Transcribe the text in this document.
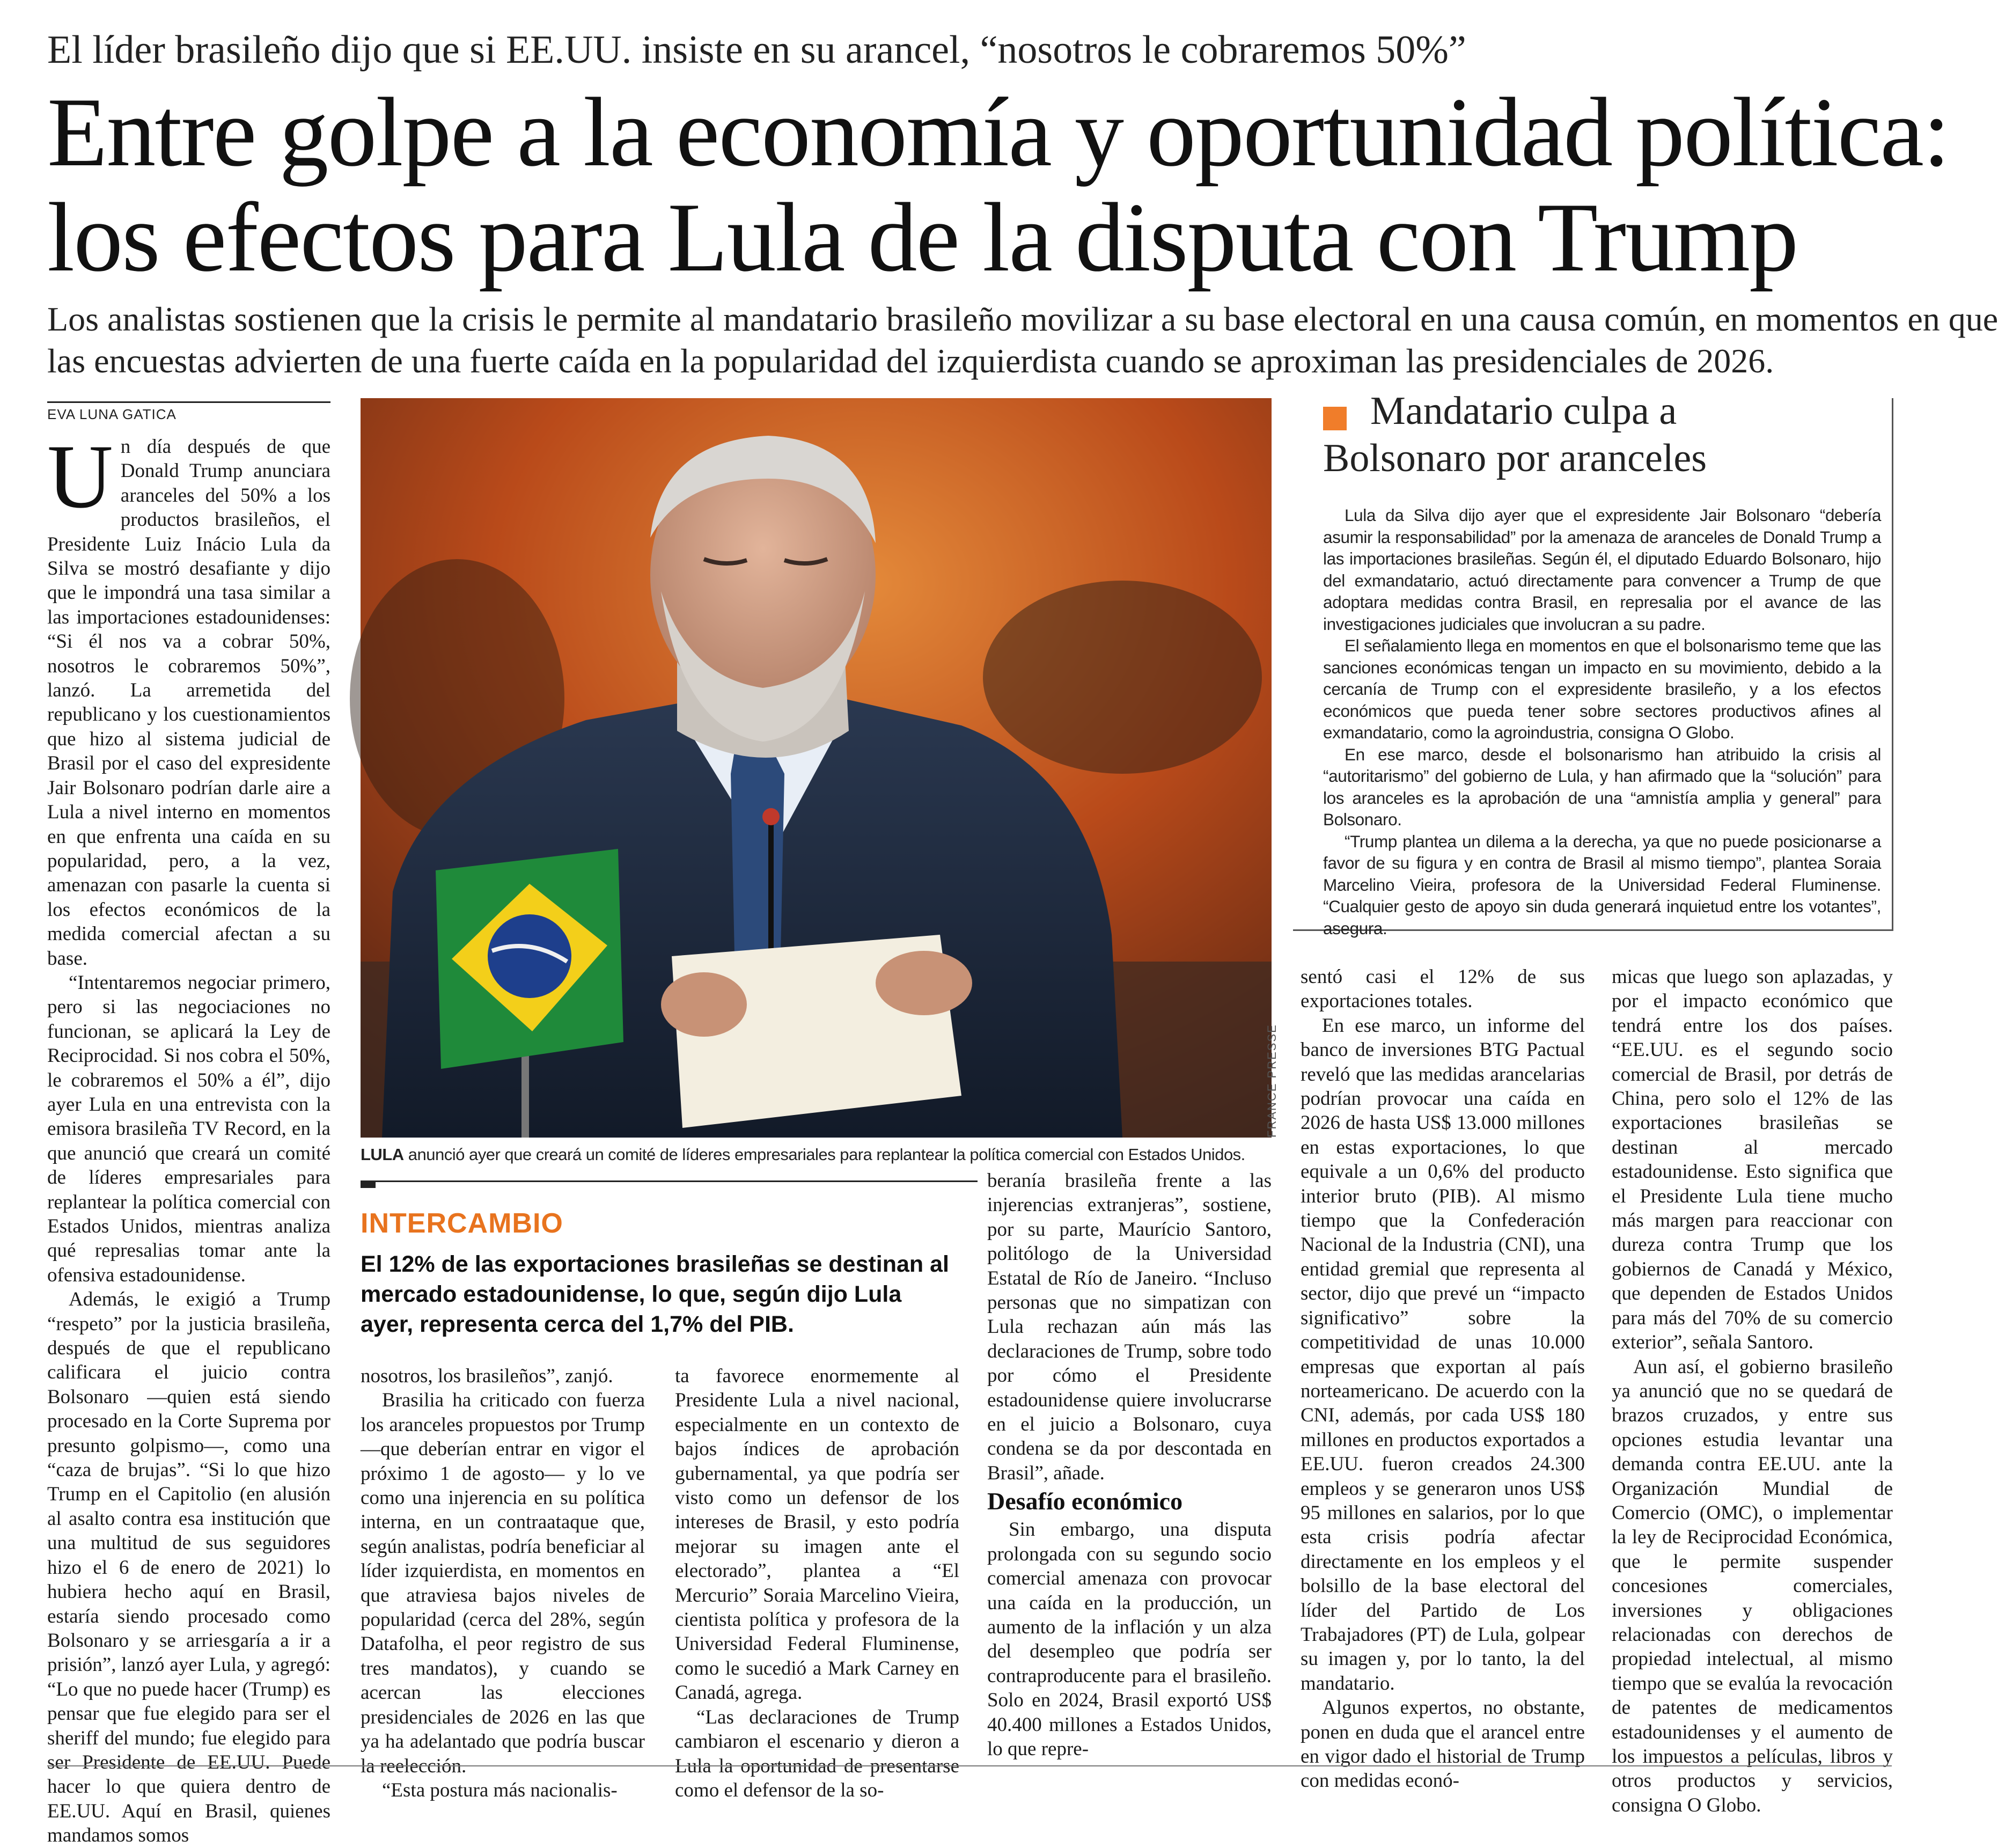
El líder brasileño dijo que si EE.UU. insiste en su arancel, “nosotros le cobraremos 50%”
Entre golpe a la economía y oportunidad política:
los efectos para Lula de la disputa con Trump
Los analistas sostienen que la crisis le permite al mandatario brasileño movilizar a su base electoral en una causa común, en momentos en que
las encuestas advierten de una fuerte caída en la popularidad del izquierdista cuando se aproximan las presidenciales de 2026.
EVA LUNA GATICA

Un día después de que Donald Trump anunciara aranceles del 50% a los productos brasileños, el Presidente Luiz Inácio Lula da Silva se mostró desafiante y dijo que le impondrá una tasa similar a las importaciones estadounidenses: “Si él nos va a cobrar 50%, nosotros le cobraremos 50%”, lanzó. La arremetida del republicano y los cuestionamientos que hizo al sistema judicial de Brasil por el caso del expresidente Jair Bolsonaro podrían darle aire a Lula a nivel interno en momentos en que enfrenta una caída en su popularidad, pero, a la vez, amenazan con pasarle la cuenta si los efectos económicos de la medida comercial afectan a su base.

“Intentaremos negociar primero, pero si las negociaciones no funcionan, se aplicará la Ley de Reciprocidad. Si nos cobra el 50%, le cobraremos el 50% a él”, dijo ayer Lula en una entrevista con la emisora brasileña TV Record, en la que anunció que creará un comité de líderes empresariales para replantear la política comercial con Estados Unidos, mientras analiza qué represalias tomar ante la ofensiva estadounidense.

Además, le exigió a Trump “respeto” por la justicia brasileña, después de que el republicano calificara el juicio contra Bolsonaro —quien está siendo procesado en la Corte Suprema por presunto golpismo—, como una “caza de brujas”. “Si lo que hizo Trump en el Capitolio (en alusión al asalto contra esa institución que una multitud de sus seguidores hizo el 6 de enero de 2021) lo hubiera hecho aquí en Brasil, estaría siendo procesado como Bolsonaro y se arriesgaría a ir a prisión”, lanzó ayer Lula, y agregó: “Lo que no puede hacer (Trump) es pensar que fue elegido para ser el sheriff del mundo; fue elegido para ser Presidente de EE.UU. Puede hacer lo que quiera dentro de EE.UU. Aquí en Brasil, quienes mandamos somos

FRANCE PRESSE
LULA anunció ayer que creará un comité de líderes empresariales para replantear la política comercial con Estados Unidos.
Mandatario culpa a
Bolsonaro por aranceles

Lula da Silva dijo ayer que el expresidente Jair Bolsonaro “debería asumir la responsabilidad” por la amenaza de aranceles de Donald Trump a las importaciones brasileñas. Según él, el diputado Eduardo Bolsonaro, hijo del exmandatario, actuó directamente para convencer a Trump de que adoptara medidas contra Brasil, en represalia por el avance de las investigaciones judiciales que involucran a su padre.

El señalamiento llega en momentos en que el bolsonarismo teme que las sanciones económicas tengan un impacto en su movimiento, debido a la cercanía de Trump con el expresidente brasileño, y a los efectos económicos que pueda tener sobre sectores productivos afines al exmandatario, como la agroindustria, consigna O Globo.

En ese marco, desde el bolsonarismo han atribuido la crisis al “autoritarismo” del gobierno de Lula, y han afirmado que la “solución” para los aranceles es la aprobación de una “amnistía amplia y general” para Bolsonaro.

“Trump plantea un dilema a la derecha, ya que no puede posicionarse a favor de su figura y en contra de Brasil al mismo tiempo”, plantea Soraia Marcelino Vieira, profesora de la Universidad Federal Fluminense. “Cualquier gesto de apoyo sin duda generará inquietud entre los votantes”, asegura.

INTERCAMBIO
El 12% de las exportaciones brasileñas se destinan al
mercado estadounidense, lo que, según dijo Lula
ayer, representa cerca del 1,7% del PIB.

nosotros, los brasileños”, zanjó.

Brasilia ha criticado con fuerza los aranceles propuestos por Trump —que deberían entrar en vigor el próximo 1 de agosto— y lo ve como una injerencia en su política interna, en un contraataque que, según analistas, podría beneficiar al líder izquierdista, en momentos en que atraviesa bajos niveles de popularidad (cerca del 28%, según Datafolha, el peor registro de sus tres mandatos), y cuando se acercan las elecciones presidenciales de 2026 en las que ya ha adelantado que podría buscar la reelección.

“Esta postura más nacionalis-

ta favorece enormemente al Presidente Lula a nivel nacional, especialmente en un contexto de bajos índices de aprobación gubernamental, ya que podría ser visto como un defensor de los intereses de Brasil, y esto podría mejorar su imagen ante el electorado”, plantea a “El Mercurio” Soraia Marcelino Vieira, cientista política y profesora de la Universidad Federal Fluminense, como le sucedió a Mark Carney en Canadá, agrega.

“Las declaraciones de Trump cambiaron el escenario y dieron a Lula la oportunidad de presentarse como el defensor de la so-

beranía brasileña frente a las injerencias extranjeras”, sostiene, por su parte, Maurício Santoro, politólogo de la Universidad Estatal de Río de Janeiro. “Incluso personas que no simpatizan con Lula rechazan aún más las declaraciones de Trump, sobre todo por cómo el Presidente estadounidense quiere involucrarse en el juicio a Bolsonaro, cuya condena se da por descontada en Brasil”, añade.

Desafío económico

Sin embargo, una disputa prolongada con su segundo socio comercial amenaza con provocar una caída en la producción, un aumento de la inflación y un alza del desempleo que podría ser contraproducente para el brasileño. Solo en 2024, Brasil exportó US$ 40.400 millones a Estados Unidos, lo que repre-

sentó casi el 12% de sus exportaciones totales.

En ese marco, un informe del banco de inversiones BTG Pactual reveló que las medidas arancelarias podrían provocar una caída en 2026 de hasta US$ 13.000 millones en estas exportaciones, lo que equivale a un 0,6% del producto interior bruto (PIB). Al mismo tiempo que la Confederación Nacional de la Industria (CNI), una entidad gremial que representa al sector, dijo que prevé un “impacto significativo” sobre la competitividad de unas 10.000 empresas que exportan al país norteamericano. De acuerdo con la CNI, además, por cada US$ 180 millones en productos exportados a EE.UU. fueron creados 24.300 empleos y se generaron unos US$ 95 millones en salarios, por lo que esta crisis podría afectar directamente en los empleos y el bolsillo de la base electoral del líder del Partido de Los Trabajadores (PT) de Lula, golpear su imagen y, por lo tanto, la del mandatario.

Algunos expertos, no obstante, ponen en duda que el arancel entre en vigor dado el historial de Trump con medidas econó-

micas que luego son aplazadas, y por el impacto económico que tendrá entre los dos países. “EE.UU. es el segundo socio comercial de Brasil, por detrás de China, pero solo el 12% de las exportaciones brasileñas se destinan al mercado estadounidense. Esto significa que el Presidente Lula tiene mucho más margen para reaccionar con dureza contra Trump que los gobiernos de Canadá y México, que dependen de Estados Unidos para más del 70% de su comercio exterior”, señala Santoro.

Aun así, el gobierno brasileño ya anunció que no se quedará de brazos cruzados, y entre sus opciones estudia levantar una demanda contra EE.UU. ante la Organización Mundial de Comercio (OMC), o implementar la ley de Reciprocidad Económica, que le permite suspender concesiones comerciales, inversiones y obligaciones relacionadas con derechos de propiedad intelectual, al mismo tiempo que se evalúa la revocación de patentes de medicamentos estadounidenses y el aumento de los impuestos a películas, libros y otros productos y servicios, consigna O Globo.
